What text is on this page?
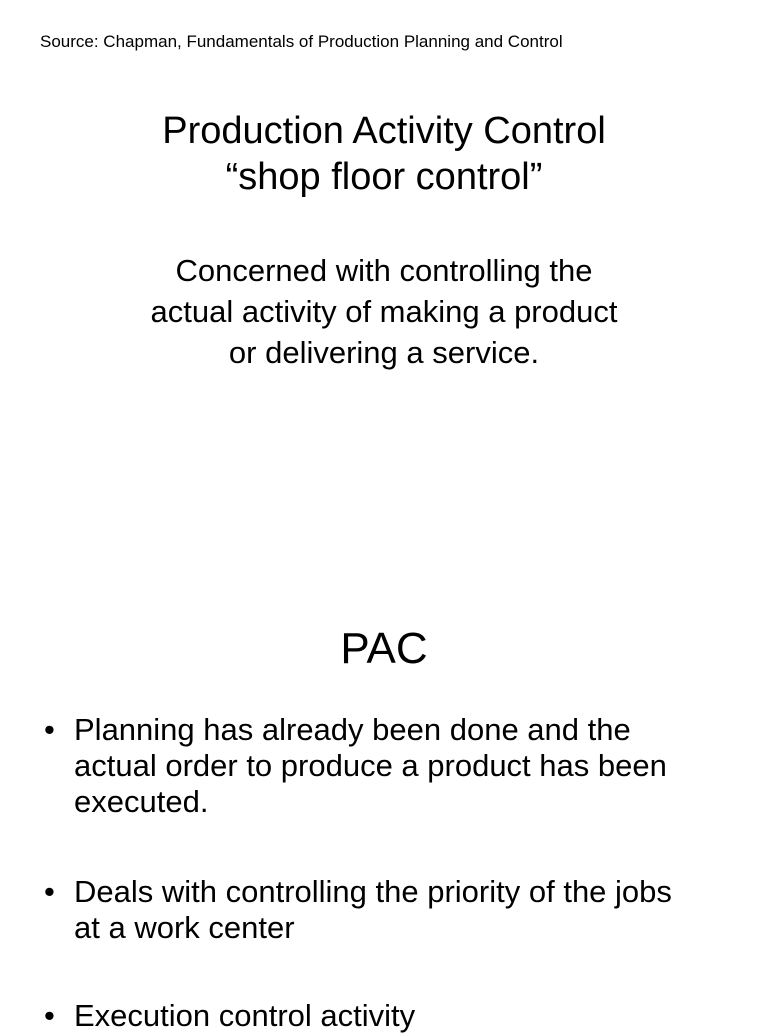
Source: Chapman, Fundamentals of Production Planning and Control
Production Activity Control
“shop floor control”
Concerned with controlling the
actual activity of making a product
or delivering a service.
PAC
• Planning has already been done and the
actual order to produce a product has been
executed.
• Deals with controlling the priority of the jobs
at a work center
• Execution control activity
